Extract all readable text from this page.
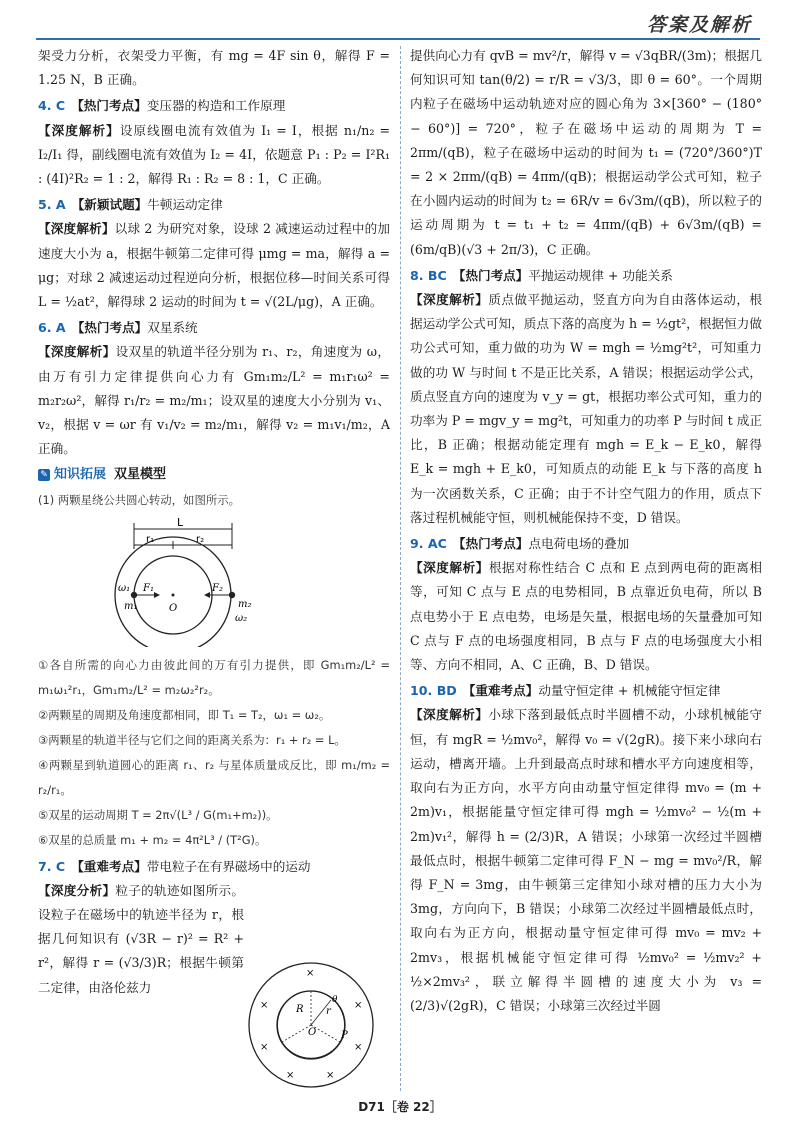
答案及解析

架受力分析，衣架受力平衡，有 mg = 4F sin θ，解得 F = 1.25 N，B 正确。

4. C 【热门考点】变压器的构造和工作原理

【深度解析】设原线圈电流有效值为 I₁ = I，根据 n₁/n₂ = I₂/I₁ 得，副线圈电流有效值为 I₂ = 4I，依题意 P₁ : P₂ = I²R₁ : (4I)²R₂ = 1 : 2，解得 R₁ : R₂ = 8 : 1，C 正确。

5. A 【新颖试题】牛顿运动定律

【深度解析】以球 2 为研究对象，设球 2 减速运动过程中的加速度大小为 a，根据牛顿第二定律可得 μmg = ma，解得 a = μg；对球 2 减速运动过程逆向分析，根据位移—时间关系可得 L = ½at²，解得球 2 运动的时间为 t = √(2L/μg)，A 正确。

6. A 【热门考点】双星系统

【深度解析】设双星的轨道半径分别为 r₁、r₂，角速度为 ω，由万有引力定律提供向心力有 Gm₁m₂/L² = m₁r₁ω² = m₂r₂ω²，解得 r₁/r₂ = m₂/m₁；设双星的速度大小分别为 v₁、v₂，根据 v = ωr 有 v₁/v₂ = m₂/m₁，解得 v₂ = m₁v₁/m₂，A 正确。

✎ 知识拓展 双星模型

(1) 两颗星绕公共圆心转动，如图所示。

L
r₁	r₂
ω₁ F₁
m₁	O
F₂
m₂
ω₂

①各自所需的向心力由彼此间的万有引力提供，即 Gm₁m₂/L² = m₁ω₁²r₁，Gm₁m₂/L² = m₂ω₂²r₂。

②两颗星的周期及角速度都相同，即 T₁ = T₂，ω₁ = ω₂。

③两颗星的轨道半径与它们之间的距离关系为：r₁ + r₂ = L。

④两颗星到轨道圆心的距离 r₁、r₂ 与星体质量成反比，即 m₁/m₂ = r₂/r₁。

⑤双星的运动周期 T = 2π√(L³ / G(m₁+m₂))。

⑥双星的总质量 m₁ + m₂ = 4π²L³ / (T²G)。

7. C 【重难考点】带电粒子在有界磁场中的运动

【深度分析】粒子的轨迹如图所示。设粒子在磁场中的轨迹半径为 r，根据几何知识有 (√3R − r)² = R² + r²，解得 r = (√3/3)R；根据牛顿第二定律，由洛伦兹力

O
R r
θ
P
×
×
×
×
×	×
×

提供向心力有 qvB = mv²/r，解得 v = √3qBR/(3m)；根据几何知识可知 tan(θ/2) = r/R = √3/3，即 θ = 60°。一个周期内粒子在磁场中运动轨迹对应的圆心角为 3×[360° − (180° − 60°)] = 720°，粒子在磁场中运动的周期为 T = 2πm/(qB)，粒子在磁场中运动的时间为 t₁ = (720°/360°)T = 2 × 2πm/(qB) = 4πm/(qB)；根据运动学公式可知，粒子在小圆内运动的时间为 t₂ = 6R/v = 6√3m/(qB)，所以粒子的运动周期为 t = t₁ + t₂ = 4πm/(qB) + 6√3m/(qB) = (6m/qB)(√3 + 2π/3)，C 正确。

8. BC 【热门考点】平抛运动规律 + 功能关系

【深度解析】质点做平抛运动，竖直方向为自由落体运动，根据运动学公式可知，质点下落的高度为 h = ½gt²，根据恒力做功公式可知，重力做的功为 W = mgh = ½mg²t²，可知重力做的功 W 与时间 t 不是正比关系，A 错误；根据运动学公式，质点竖直方向的速度为 v_y = gt，根据功率公式可知，重力的功率为 P = mgv_y = mg²t，可知重力的功率 P 与时间 t 成正比，B 正确；根据动能定理有 mgh = E_k − E_k0，解得 E_k = mgh + E_k0，可知质点的动能 E_k 与下落的高度 h 为一次函数关系，C 正确；由于不计空气阻力的作用，质点下落过程机械能守恒，则机械能保持不变，D 错误。

9. AC 【热门考点】点电荷电场的叠加

【深度解析】根据对称性结合 C 点和 E 点到两电荷的距离相等，可知 C 点与 E 点的电势相同，B 点靠近负电荷，所以 B 点电势小于 E 点电势，电场是矢量，根据电场的矢量叠加可知 C 点与 F 点的电场强度相同，B 点与 F 点的电场强度大小相等、方向不相同，A、C 正确，B、D 错误。

10. BD 【重难考点】动量守恒定律 + 机械能守恒定律

【深度解析】小球下落到最低点时半圆槽不动，小球机械能守恒，有 mgR = ½mv₀²，解得 v₀ = √(2gR)。接下来小球向右运动，槽离开墙。上升到最高点时球和槽水平方向速度相等，取向右为正方向，水平方向由动量守恒定律得 mv₀ = (m + 2m)v₁，根据能量守恒定律可得 mgh = ½mv₀² − ½(m + 2m)v₁²，解得 h = (2/3)R，A 错误；小球第一次经过半圆槽最低点时，根据牛顿第二定律可得 F_N − mg = mv₀²/R，解得 F_N = 3mg，由牛顿第三定律知小球对槽的压力大小为 3mg，方向向下，B 错误；小球第二次经过半圆槽最低点时，取向右为正方向，根据动量守恒定律可得 mv₀ = mv₂ + 2mv₃，根据机械能守恒定律可得 ½mv₀² = ½mv₂² + ½×2mv₃²，联立解得半圆槽的速度大小为 v₃ = (2/3)√(2gR)，C 错误；小球第三次经过半圆

D71［卷 22］
